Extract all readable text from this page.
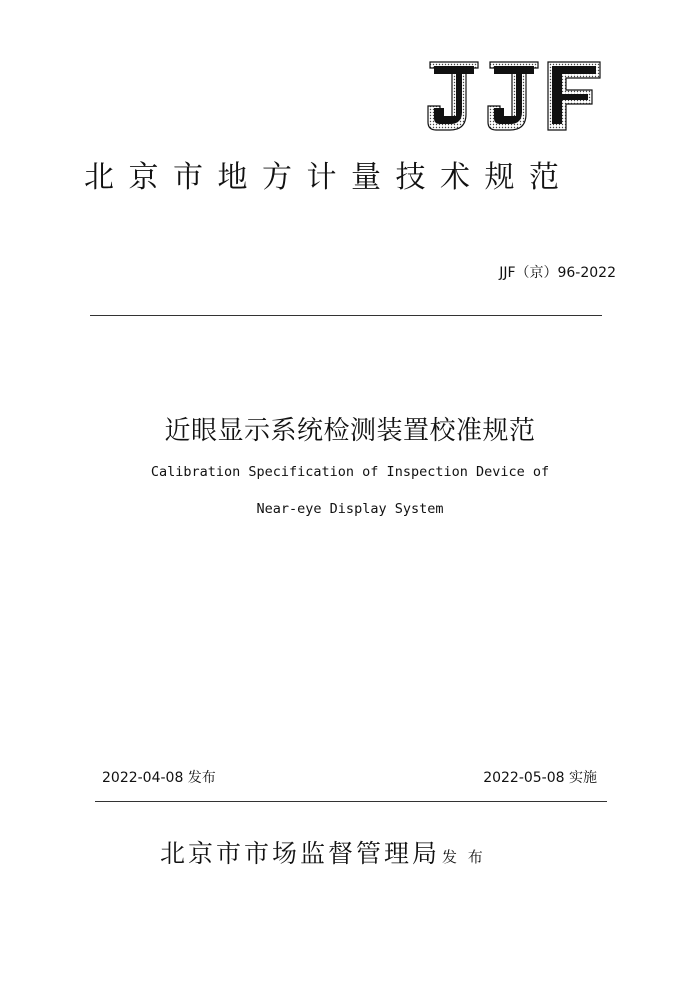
北京市地方计量技术规范
JJF（京）96-2022
近眼显示系统检测装置校准规范
Calibration Specification of Inspection Device of
Near-eye Display System
2022-04-08 发布	2022-05-08 实施
北京市市场监督管理局 发 布
